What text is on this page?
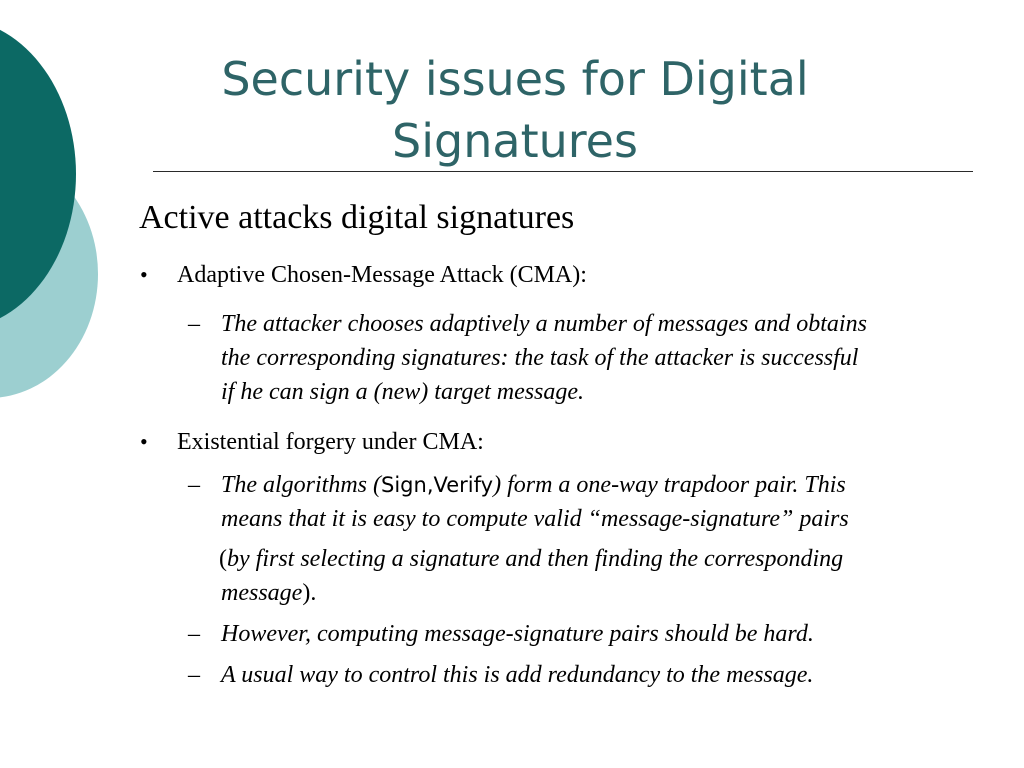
Security issues for Digital
Signatures
Active attacks digital signatures
• Adaptive Chosen-Message Attack (CMA):
– The attacker chooses adaptively a number of messages and obtains
the corresponding signatures: the task of the attacker is successful
if he can sign a (new) target message.
• Existential forgery under CMA:
– The algorithms (Sign,Verify) form a one-way trapdoor pair. This
means that it is easy to compute valid “message-signature” pairs
(by first selecting a signature and then finding the corresponding
message).
– However, computing message-signature pairs should be hard.
– A usual way to control this is add redundancy to the message.
